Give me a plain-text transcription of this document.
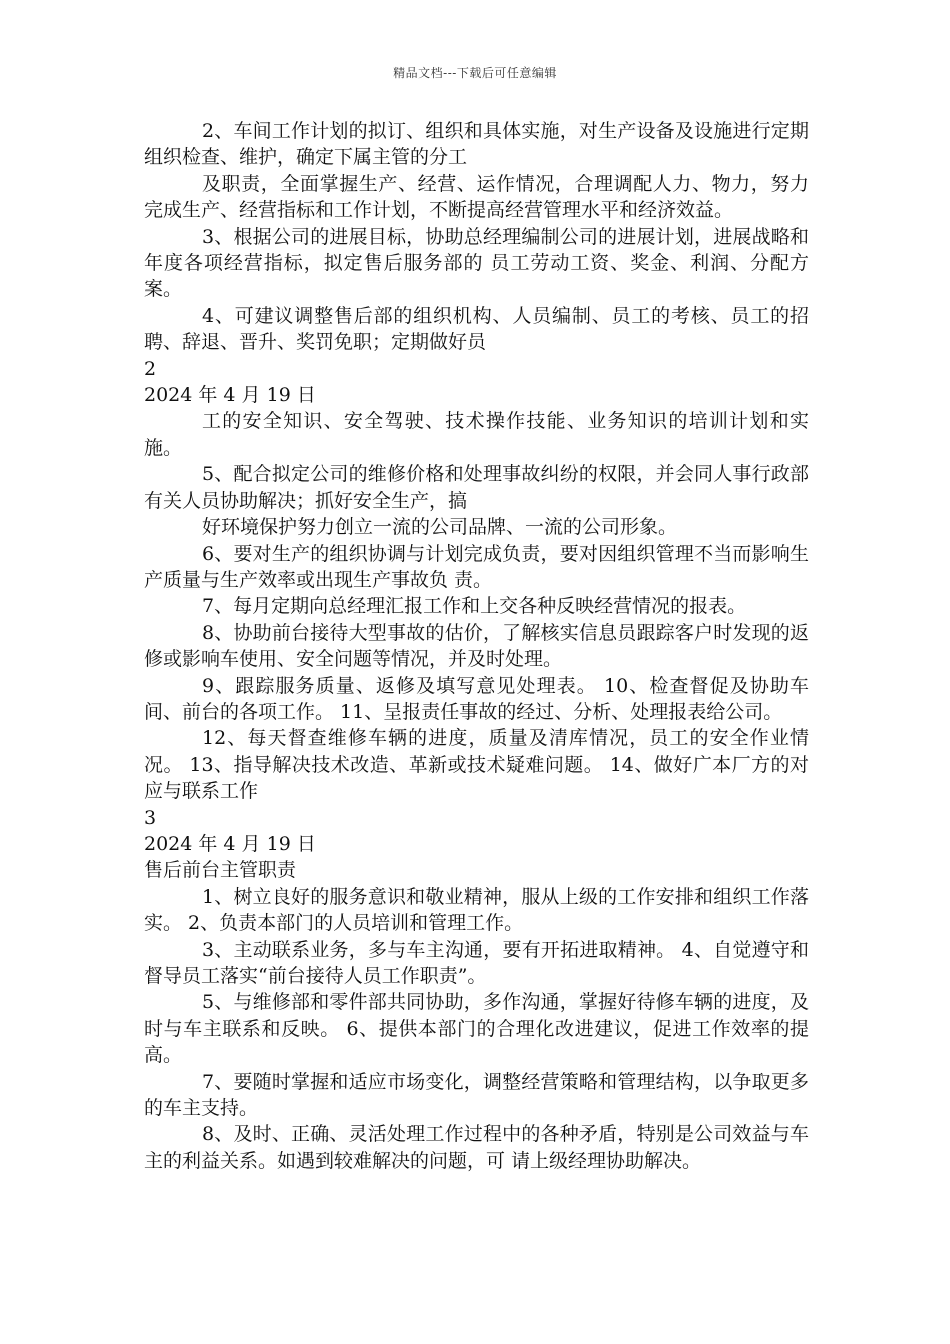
精品文档---下载后可任意编辑

2、车间工作计划的拟订、组织和具体实施，对生产设备及设施进行定期组织检查、维护，确定下属主管的分工

及职责，全面掌握生产、经营、运作情况，合理调配人力、物力，努力完成生产、经营指标和工作计划，不断提高经营管理水平和经济效益。

3、根据公司的进展目标，协助总经理编制公司的进展计划，进展战略和年度各项经营指标，拟定售后服务部的 员工劳动工资、奖金、利润、分配方案。

4、可建议调整售后部的组织机构、人员编制、员工的考核、员工的招聘、辞退、晋升、奖罚免职；定期做好员

2

2024 年 4 月 19 日

工的安全知识、安全驾驶、技术操作技能、业务知识的培训计划和实施。

5、配合拟定公司的维修价格和处理事故纠纷的权限，并会同人事行政部有关人员协助解决；抓好安全生产，搞

好环境保护努力创立一流的公司品牌、一流的公司形象。

6、要对生产的组织协调与计划完成负责，要对因组织管理不当而影响生产质量与生产效率或出现生产事故负 责。

7、每月定期向总经理汇报工作和上交各种反映经营情况的报表。

8、协助前台接待大型事故的估价，了解核实信息员跟踪客户时发现的返修或影响车使用、安全问题等情况，并及时处理。

9、跟踪服务质量、返修及填写意见处理表。 10、检查督促及协助车间、前台的各项工作。 11、呈报责任事故的经过、分析、处理报表给公司。

12、每天督查维修车辆的进度，质量及清库情况，员工的安全作业情况。 13、指导解决技术改造、革新或技术疑难问题。 14、做好广本厂方的对应与联系工作

3

2024 年 4 月 19 日

售后前台主管职责

1、树立良好的服务意识和敬业精神，服从上级的工作安排和组织工作落实。 2、负责本部门的人员培训和管理工作。

3、主动联系业务，多与车主沟通，要有开拓进取精神。 4、自觉遵守和督导员工落实“前台接待人员工作职责”。

5、与维修部和零件部共同协助，多作沟通，掌握好待修车辆的进度，及时与车主联系和反映。 6、提供本部门的合理化改进建议，促进工作效率的提高。

7、要随时掌握和适应市场变化，调整经营策略和管理结构，以争取更多的车主支持。

8、及时、正确、灵活处理工作过程中的各种矛盾，特别是公司效益与车主的利益关系。如遇到较难解决的问题，可 请上级经理协助解决。
